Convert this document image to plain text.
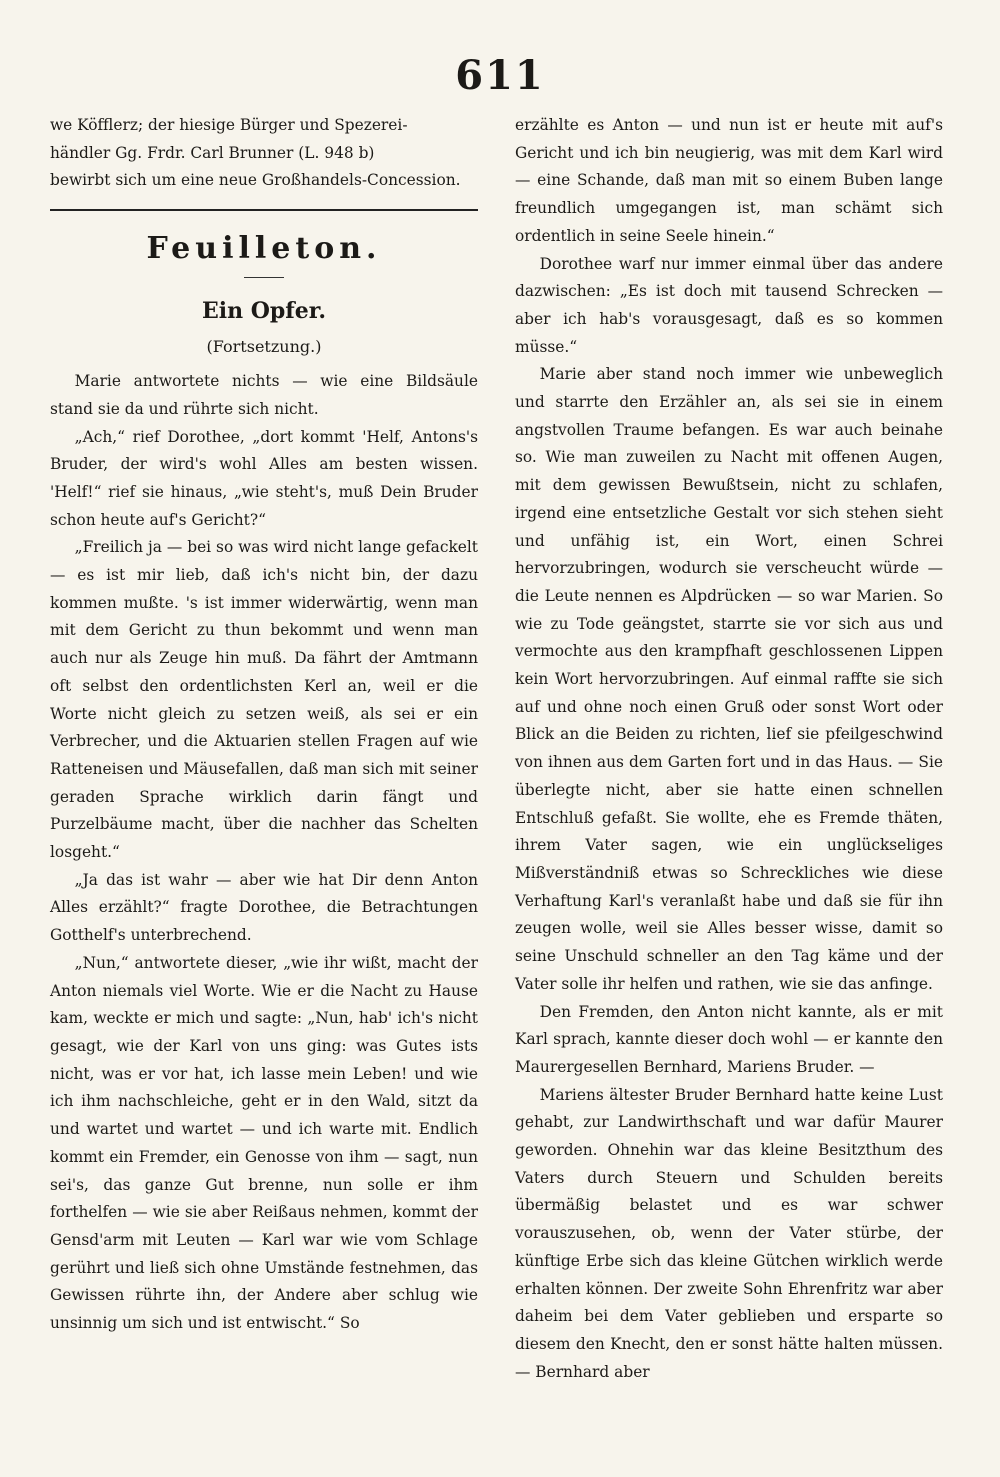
611

we Köfflerz; der hiesige Bürger und Spezerei-

händler Gg. Frdr. Carl Brunner (L. 948 b)

bewirbt sich um eine neue Großhandels-Concession.

Feuilleton.
Ein Opfer.
(Fortsetzung.)

Marie antwortete nichts — wie eine Bildsäule stand sie da und rührte sich nicht.

„Ach,“ rief Dorothee, „dort kommt 'Helf, Antons's Bruder, der wird's wohl Alles am besten wissen. 'Helf!“ rief sie hinaus, „wie steht's, muß Dein Bruder schon heute auf's Gericht?“

„Freilich ja — bei so was wird nicht lange gefackelt — es ist mir lieb, daß ich's nicht bin, der dazu kommen mußte. 's ist immer widerwärtig, wenn man mit dem Gericht zu thun bekommt und wenn man auch nur als Zeuge hin muß. Da fährt der Amtmann oft selbst den ordentlichsten Kerl an, weil er die Worte nicht gleich zu setzen weiß, als sei er ein Verbrecher, und die Aktuarien stellen Fragen auf wie Ratteneisen und Mäusefallen, daß man sich mit seiner geraden Sprache wirklich darin fängt und Purzelbäume macht, über die nachher das Schelten losgeht.“

„Ja das ist wahr — aber wie hat Dir denn Anton Alles erzählt?“ fragte Dorothee, die Betrachtungen Gotthelf's unterbrechend.

„Nun,“ antwortete dieser, „wie ihr wißt, macht der Anton niemals viel Worte. Wie er die Nacht zu Hause kam, weckte er mich und sagte: „Nun, hab' ich's nicht gesagt, wie der Karl von uns ging: was Gutes ists nicht, was er vor hat, ich lasse mein Leben! und wie ich ihm nachschleiche, geht er in den Wald, sitzt da und wartet und wartet — und ich warte mit. Endlich kommt ein Fremder, ein Genosse von ihm — sagt, nun sei's, das ganze Gut brenne, nun solle er ihm forthelfen — wie sie aber Reißaus nehmen, kommt der Gensd'arm mit Leuten — Karl war wie vom Schlage gerührt und ließ sich ohne Umstände festnehmen, das Gewissen rührte ihn, der Andere aber schlug wie unsinnig um sich und ist entwischt.“ So

erzählte es Anton — und nun ist er heute mit auf's Gericht und ich bin neugierig, was mit dem Karl wird — eine Schande, daß man mit so einem Buben lange freundlich umgegangen ist, man schämt sich ordentlich in seine Seele hinein.“

Dorothee warf nur immer einmal über das andere dazwischen: „Es ist doch mit tausend Schrecken — aber ich hab's vorausgesagt, daß es so kommen müsse.“

Marie aber stand noch immer wie unbeweglich und starrte den Erzähler an, als sei sie in einem angstvollen Traume befangen. Es war auch beinahe so. Wie man zuweilen zu Nacht mit offenen Augen, mit dem gewissen Bewußtsein, nicht zu schlafen, irgend eine entsetzliche Gestalt vor sich stehen sieht und unfähig ist, ein Wort, einen Schrei hervorzubringen, wodurch sie verscheucht würde — die Leute nennen es Alpdrücken — so war Marien. So wie zu Tode geängstet, starrte sie vor sich aus und vermochte aus den krampfhaft geschlossenen Lippen kein Wort hervorzubringen. Auf einmal raffte sie sich auf und ohne noch einen Gruß oder sonst Wort oder Blick an die Beiden zu richten, lief sie pfeilgeschwind von ihnen aus dem Garten fort und in das Haus. — Sie überlegte nicht, aber sie hatte einen schnellen Entschluß gefaßt. Sie wollte, ehe es Fremde thäten, ihrem Vater sagen, wie ein unglückseliges Mißverständniß etwas so Schreckliches wie diese Verhaftung Karl's veranlaßt habe und daß sie für ihn zeugen wolle, weil sie Alles besser wisse, damit so seine Unschuld schneller an den Tag käme und der Vater solle ihr helfen und rathen, wie sie das anfinge.

Den Fremden, den Anton nicht kannte, als er mit Karl sprach, kannte dieser doch wohl — er kannte den Maurergesellen Bernhard, Mariens Bruder. —

Mariens ältester Bruder Bernhard hatte keine Lust gehabt, zur Landwirthschaft und war dafür Maurer geworden. Ohnehin war das kleine Besitzthum des Vaters durch Steuern und Schulden bereits übermäßig belastet und es war schwer vorauszusehen, ob, wenn der Vater stürbe, der künftige Erbe sich das kleine Gütchen wirklich werde erhalten können. Der zweite Sohn Ehrenfritz war aber daheim bei dem Vater geblieben und ersparte so diesem den Knecht, den er sonst hätte halten müssen. — Bernhard aber
